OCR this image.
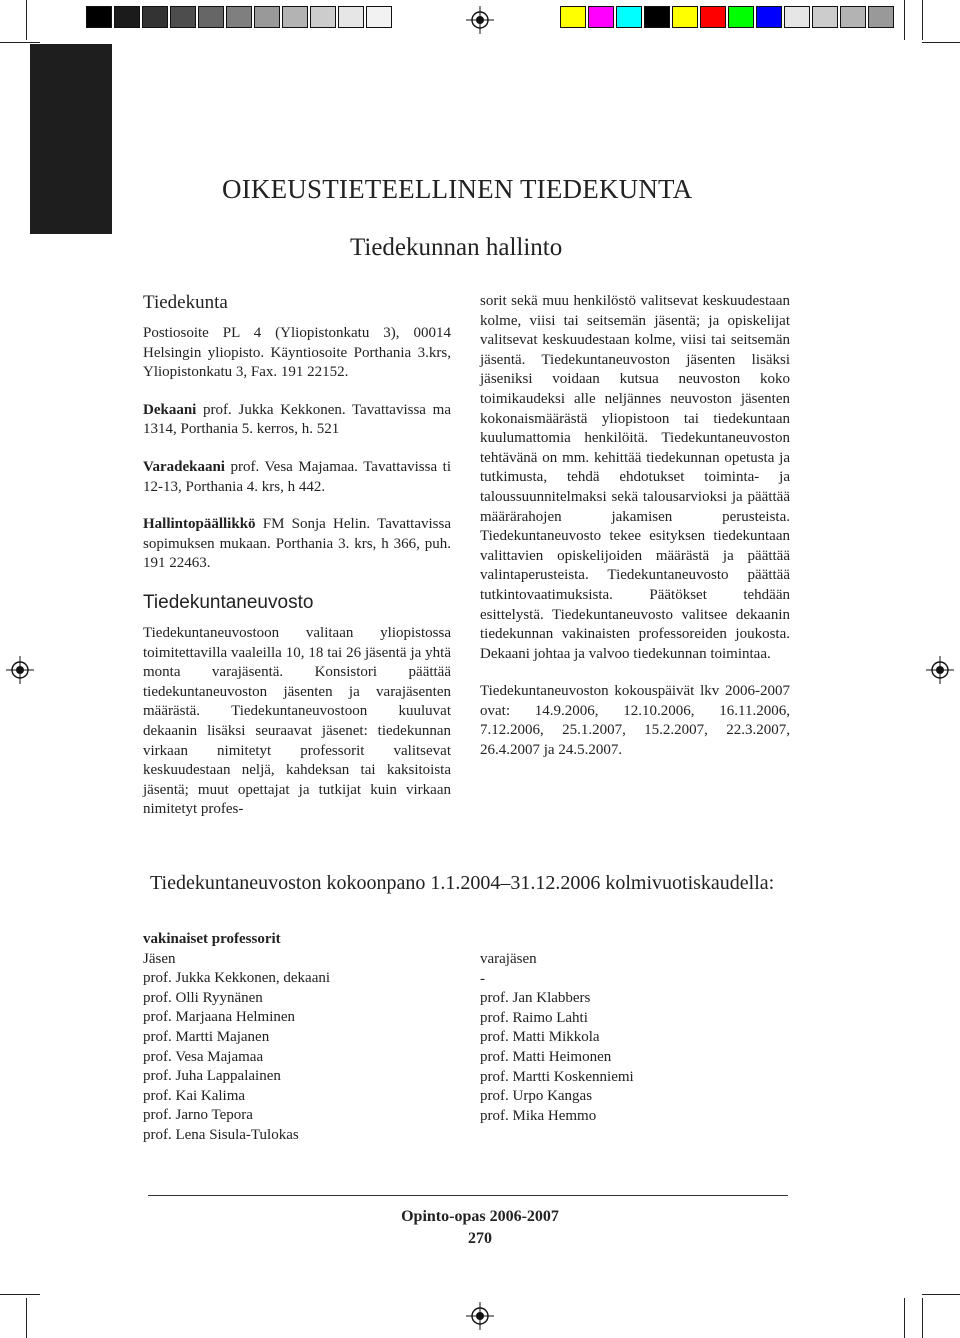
OIKEUSTIETEELLINEN TIEDEKUNTA
Tiedekunnan hallinto
Tiedekunta

Postiosoite PL 4 (Yliopistonkatu 3), 00014 Helsingin yliopisto. Käyntiosoite Porthania 3.krs, Yliopistonkatu 3, Fax. 191 22152.

Dekaani prof. Jukka Kekkonen. Tavattavissa ma 1314, Porthania 5. kerros, h. 521

Varadekaani prof. Vesa Majamaa. Tavattavissa ti 12-13, Porthania 4. krs, h 442.

Hallintopäällikkö FM Sonja Helin. Tavattavissa sopimuksen mukaan. Porthania 3. krs, h 366, puh. 191 22463.

Tiedekuntaneuvosto

Tiedekuntaneuvostoon valitaan yliopistossa toimitettavilla vaaleilla 10, 18 tai 26 jäsentä ja yhtä monta varajäsentä. Konsistori päättää tiedekuntaneuvoston jäsenten ja varajäsenten määrästä. Tiedekuntaneuvostoon kuuluvat dekaanin lisäksi seuraavat jäsenet: tiedekunnan virkaan nimitetyt professorit valitsevat keskuudestaan neljä, kahdeksan tai kaksitoista jäsentä; muut opettajat ja tutkijat kuin virkaan nimitetyt profes-

sorit sekä muu henkilöstö valitsevat keskuudestaan kolme, viisi tai seitsemän jäsentä; ja opiskelijat valitsevat keskuudestaan kolme, viisi tai seitsemän jäsentä. Tiedekuntaneuvoston jäsenten lisäksi jäseniksi voidaan kutsua neuvoston koko toimikaudeksi alle neljännes neuvoston jäsenten kokonaismäärästä yliopistoon tai tiedekuntaan kuulumattomia henkilöitä. Tiedekuntaneuvoston tehtävänä on mm. kehittää tiedekunnan opetusta ja tutkimusta, tehdä ehdotukset toiminta- ja taloussuunnitelmaksi sekä talousarvioksi ja päättää määrärahojen jakamisen perusteista. Tiedekuntaneuvosto tekee esityksen tiedekuntaan valittavien opiskelijoiden määrästä ja päättää valintaperusteista. Tiedekuntaneuvosto päättää tutkintovaatimuksista. Päätökset tehdään esittelystä. Tiedekuntaneuvosto valitsee dekaanin tiedekunnan vakinaisten professoreiden joukosta. Dekaani johtaa ja valvoo tiedekunnan toimintaa.

Tiedekuntaneuvoston kokouspäivät lkv 2006-2007 ovat: 14.9.2006, 12.10.2006, 16.11.2006, 7.12.2006, 25.1.2007, 15.2.2007, 22.3.2007, 26.4.2007 ja 24.5.2007.

Tiedekuntaneuvoston kokoonpano 1.1.2004–31.12.2006 kolmivuotiskaudella:
vakinaiset professorit
Jäsen
prof. Jukka Kekkonen, dekaani
prof. Olli Ryynänen
prof. Marjaana Helminen
prof. Martti Majanen
prof. Vesa Majamaa
prof. Juha Lappalainen
prof. Kai Kalima
prof. Jarno Tepora
prof. Lena Sisula-Tulokas
varajäsen
-
prof. Jan Klabbers
prof. Raimo Lahti
prof. Matti Mikkola
prof. Matti Heimonen
prof. Martti Koskenniemi
prof. Urpo Kangas
prof. Mika Hemmo
Opinto-opas 2006-2007
270
